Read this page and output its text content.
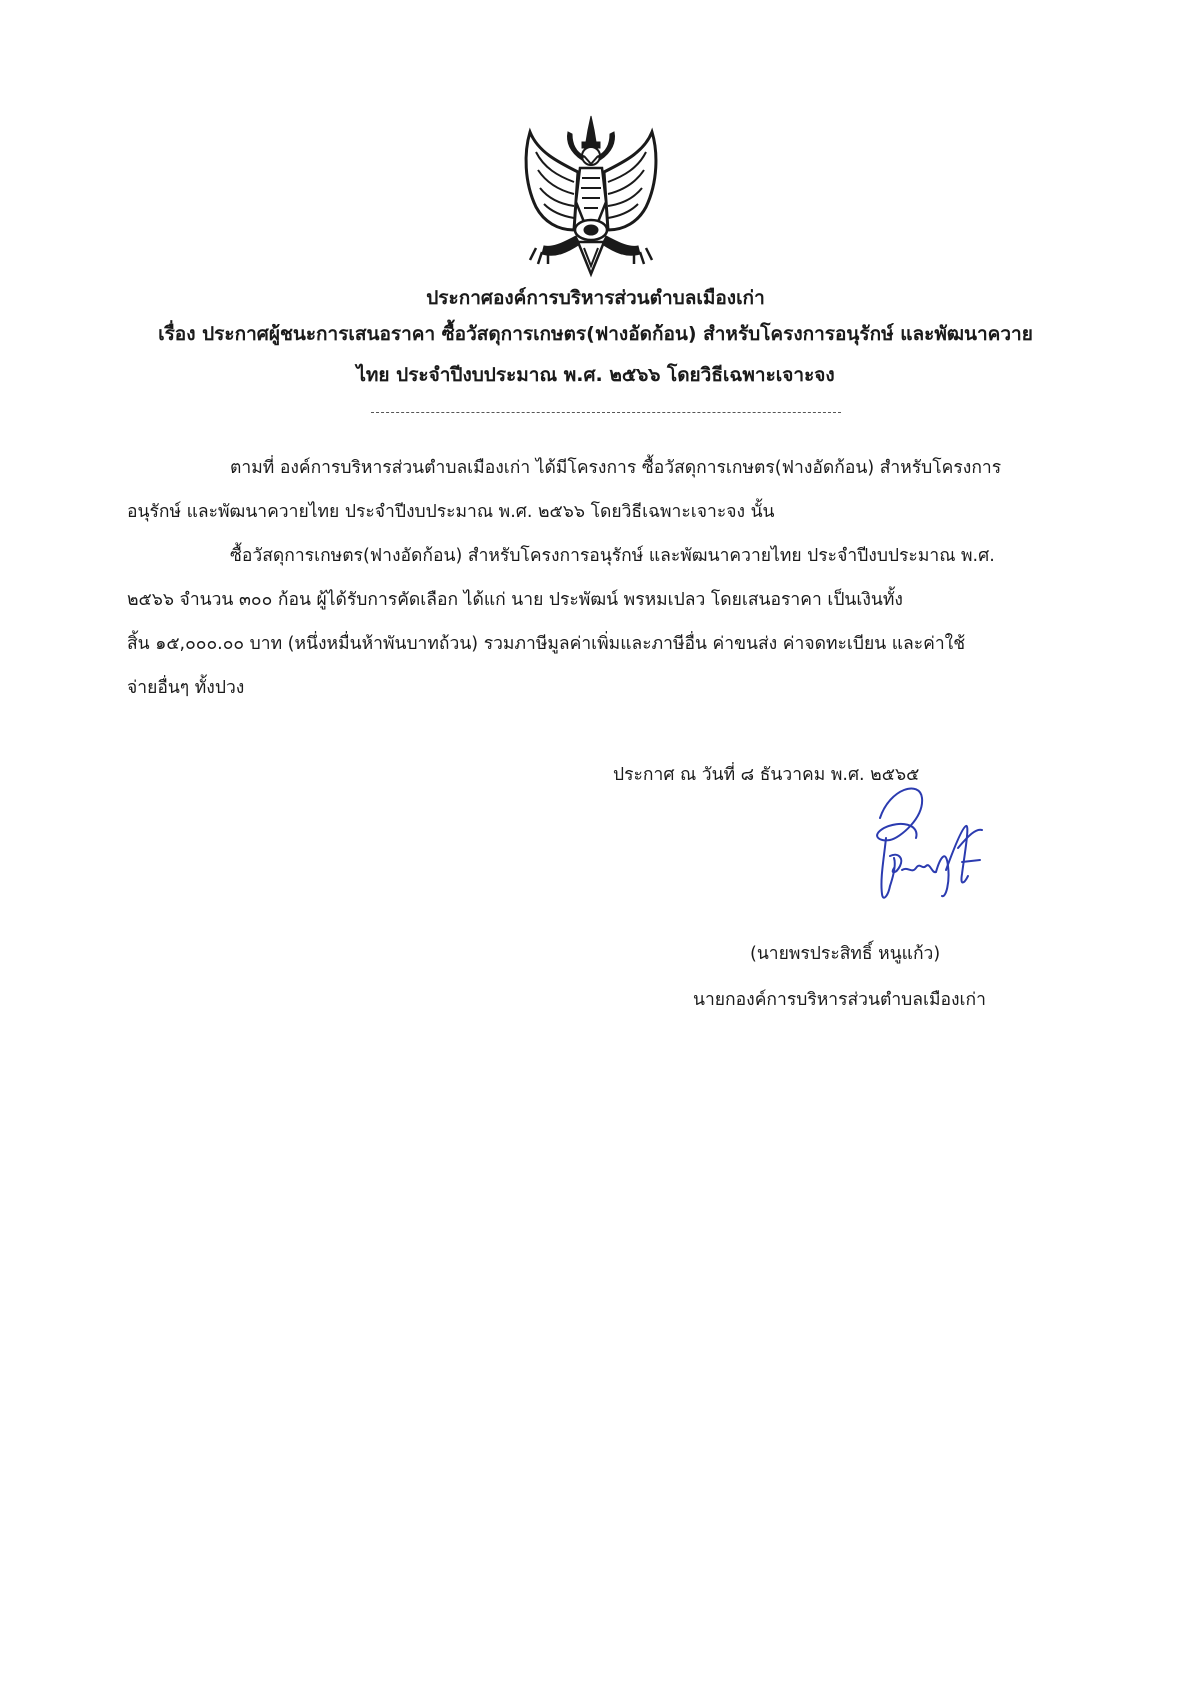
ประกาศองค์การบริหารส่วนตำบลเมืองเก่า
เรื่อง ประกาศผู้ชนะการเสนอราคา ซื้อวัสดุการเกษตร(ฟางอัดก้อน) สำหรับโครงการอนุรักษ์ และพัฒนาควาย
ไทย ประจำปีงบประมาณ พ.ศ. ๒๕๖๖ โดยวิธีเฉพาะเจาะจง
ตามที่ องค์การบริหารส่วนตำบลเมืองเก่า ได้มีโครงการ ซื้อวัสดุการเกษตร(ฟางอัดก้อน) สำหรับโครงการ
อนุรักษ์ และพัฒนาควายไทย ประจำปีงบประมาณ พ.ศ. ๒๕๖๖ โดยวิธีเฉพาะเจาะจง นั้น
ซื้อวัสดุการเกษตร(ฟางอัดก้อน) สำหรับโครงการอนุรักษ์ และพัฒนาควายไทย ประจำปีงบประมาณ พ.ศ.
๒๕๖๖ จำนวน ๓๐๐ ก้อน ผู้ได้รับการคัดเลือก ได้แก่ นาย ประพัฒน์ พรหมเปลว โดยเสนอราคา เป็นเงินทั้ง
สิ้น ๑๕,๐๐๐.๐๐ บาท (หนึ่งหมื่นห้าพันบาทถ้วน) รวมภาษีมูลค่าเพิ่มและภาษีอื่น ค่าขนส่ง ค่าจดทะเบียน และค่าใช้
จ่ายอื่นๆ ทั้งปวง
ประกาศ ณ วันที่ ๘ ธันวาคม พ.ศ. ๒๕๖๕
(นายพรประสิทธิ์ หนูแก้ว)
นายกองค์การบริหารส่วนตำบลเมืองเก่า
